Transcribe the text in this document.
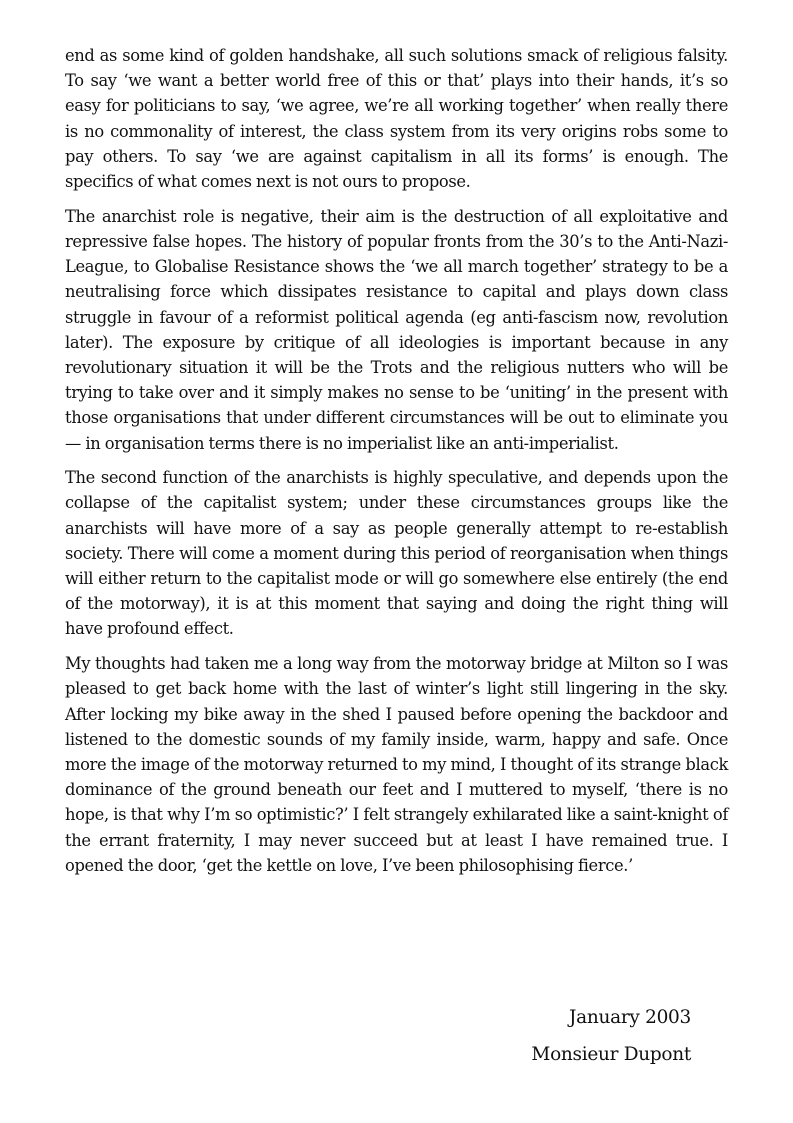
end as some kind of golden handshake, all such solutions smack of religious falsity. To say ‘we want a better world free of this or that’ plays into their hands, it’s so easy for politicians to say, ‘we agree, we’re all working together’ when really there is no commonality of interest, the class system from its very origins robs some to pay others. To say ‘we are against capitalism in all its forms’ is enough. The specifics of what comes next is not ours to propose.

The anarchist role is negative, their aim is the destruction of all exploitative and repressive false hopes. The history of popular fronts from the 30’s to the Anti-Nazi-League, to Globalise Resistance shows the ‘we all march together’ strategy to be a neutralising force which dissipates resistance to capital and plays down class struggle in favour of a reformist political agenda (eg anti-fascism now, revolution later). The exposure by critique of all ideologies is important because in any revolutionary situation it will be the Trots and the religious nutters who will be trying to take over and it simply makes no sense to be ‘uniting’ in the present with those organisations that under different circumstances will be out to eliminate you — in organisation terms there is no imperialist like an anti-imperialist.

The second function of the anarchists is highly speculative, and depends upon the collapse of the capitalist system; under these circumstances groups like the anarchists will have more of a say as people generally attempt to re-establish society. There will come a moment during this period of reorganisation when things will either return to the capitalist mode or will go somewhere else entirely (the end of the motorway), it is at this moment that saying and doing the right thing will have profound effect.

My thoughts had taken me a long way from the motorway bridge at Milton so I was pleased to get back home with the last of winter’s light still lingering in the sky. After locking my bike away in the shed I paused before opening the backdoor and listened to the domestic sounds of my family inside, warm, happy and safe. Once more the image of the motorway returned to my mind, I thought of its strange black dominance of the ground beneath our feet and I muttered to myself, ‘there is no hope, is that why I’m so optimistic?’ I felt strangely exhilarated like a saint-knight of the errant fraternity, I may never succeed but at least I have remained true. I opened the door, ‘get the kettle on love, I’ve been philosophising fierce.’

January 2003
Monsieur Dupont
